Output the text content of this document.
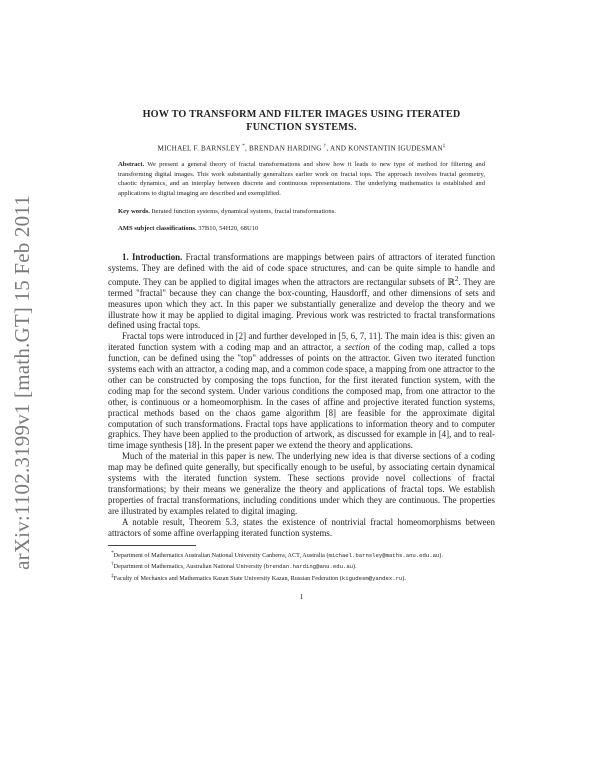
arXiv:1102.3199v1 [math.GT] 15 Feb 2011
HOW TO TRANSFORM AND FILTER IMAGES USING ITERATED
FUNCTION SYSTEMS.
MICHAEL F. BARNSLEY *, BRENDAN HARDING †, AND KONSTANTIN IGUDESMAN‡
Abstract. We present a general theory of fractal transformations and show how it leads to new type of method for filtering and transforming digital images. This work substantially generalizes earlier work on fractal tops. The approach involves fractal geometry, chaotic dynamics, and an interplay between discrete and continuous representations. The underlying mathematics is established and applications to digital imaging are described and exemplified.
Key words. Iterated function systems, dynamical systems, fractal transformations.
AMS subject classifications. 37B10, 54H20, 68U10

1. Introduction. Fractal transformations are mappings between pairs of attractors of iterated function systems. They are defined with the aid of code space structures, and can be quite simple to handle and compute. They can be applied to digital images when the attractors are rectangular subsets of ℝ$^2$. They are termed "fractal" because they can change the box-counting, Hausdorff, and other dimensions of sets and measures upon which they act. In this paper we substantially generalize and develop the theory and we illustrate how it may be applied to digital imaging. Previous work was restricted to fractal transformations defined using fractal tops.

Fractal tops were introduced in [2] and further developed in [5, 6, 7, 11]. The main idea is this: given an iterated function system with a coding map and an attractor, a section of the coding map, called a tops function, can be defined using the "top" addresses of points on the attractor. Given two iterated function systems each with an attractor, a coding map, and a common code space, a mapping from one attractor to the other can be constructed by composing the tops function, for the first iterated function system, with the coding map for the second system. Under various conditions the composed map, from one attractor to the other, is continuous or a homeomorphism. In the cases of affine and projective iterated function systems, practical methods based on the chaos game algorithm [8] are feasible for the approximate digital computation of such transformations. Fractal tops have applications to information theory and to computer graphics. They have been applied to the production of artwork, as discussed for example in [4], and to real-time image synthesis [18]. In the present paper we extend the theory and applications.

Much of the material in this paper is new. The underlying new idea is that diverse sections of a coding map may be defined quite generally, but specifically enough to be useful, by associating certain dynamical systems with the iterated function system. These sections provide novel collections of fractal transformations; by their means we generalize the theory and applications of fractal tops. We establish properties of fractal transformations, including conditions under which they are continuous. The properties are illustrated by examples related to digital imaging.

A notable result, Theorem 5.3, states the existence of nontrivial fractal homeomorphisms between attractors of some affine overlapping iterated function systems.

*Department of Mathematics Australian National University Canberra, ACT, Australia (michael.barnsley@maths.anu.edu.au).
†Department of Mathematics, Australian National University (brendan.harding@anu.edu.au).
‡Faculty of Mechanics and Mathematics Kazan State University Kazan, Russian Federation (kigudesm@yandex.ru).
1
